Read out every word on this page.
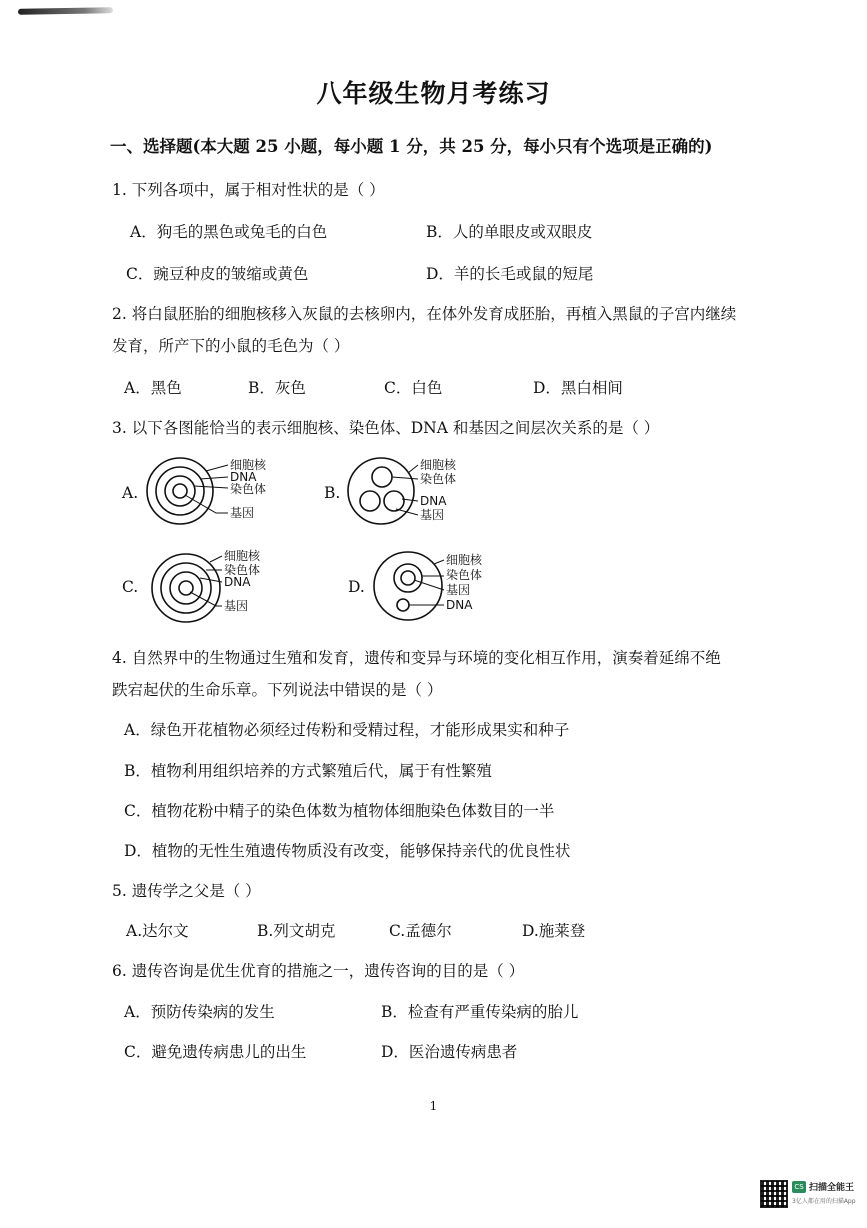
八年级生物月考练习
一、选择题(本大题 25 小题，每小题 1 分，共 25 分，每小只有个选项是正确的)
1. 下列各项中，属于相对性状的是（ ）
A．狗毛的黑色或兔毛的白色	B．人的单眼皮或双眼皮
C．豌豆种皮的皱缩或黄色	D．羊的长毛或鼠的短尾
2. 将白鼠胚胎的细胞核移入灰鼠的去核卵内，在体外发育成胚胎，再植入黑鼠的子宫内继续
发育，所产下的小鼠的毛色为（ ）
A．黑色	B．灰色	C．白色	D．黑白相间
3. 以下各图能恰当的表示细胞核、染色体、DNA 和基因之间层次关系的是（ ）
A.
细胞核
DNA
染色体
基因
B.
细胞核
染色体
DNA
基因
C.
细胞核
染色体
DNA
基因
D.
细胞核
染色体
基因
DNA
4. 自然界中的生物通过生殖和发育，遗传和变异与环境的变化相互作用，演奏着延绵不绝
跌宕起伏的生命乐章。下列说法中错误的是（ ）
A．绿色开花植物必须经过传粉和受精过程，才能形成果实和种子
B．植物利用组织培养的方式繁殖后代，属于有性繁殖
C．植物花粉中精子的染色体数为植物体细胞染色体数目的一半
D．植物的无性生殖遗传物质没有改变，能够保持亲代的优良性状
5. 遗传学之父是（ ）
A.达尔文	B.列文胡克	C.孟德尔	D.施莱登
6. 遗传咨询是优生优育的措施之一，遗传咨询的目的是（ ）
A．预防传染病的发生	B．检查有严重传染病的胎儿
C．避免遗传病患儿的出生	D．医治遗传病患者
1
CS 扫描全能王
3亿人都在用的扫描App
